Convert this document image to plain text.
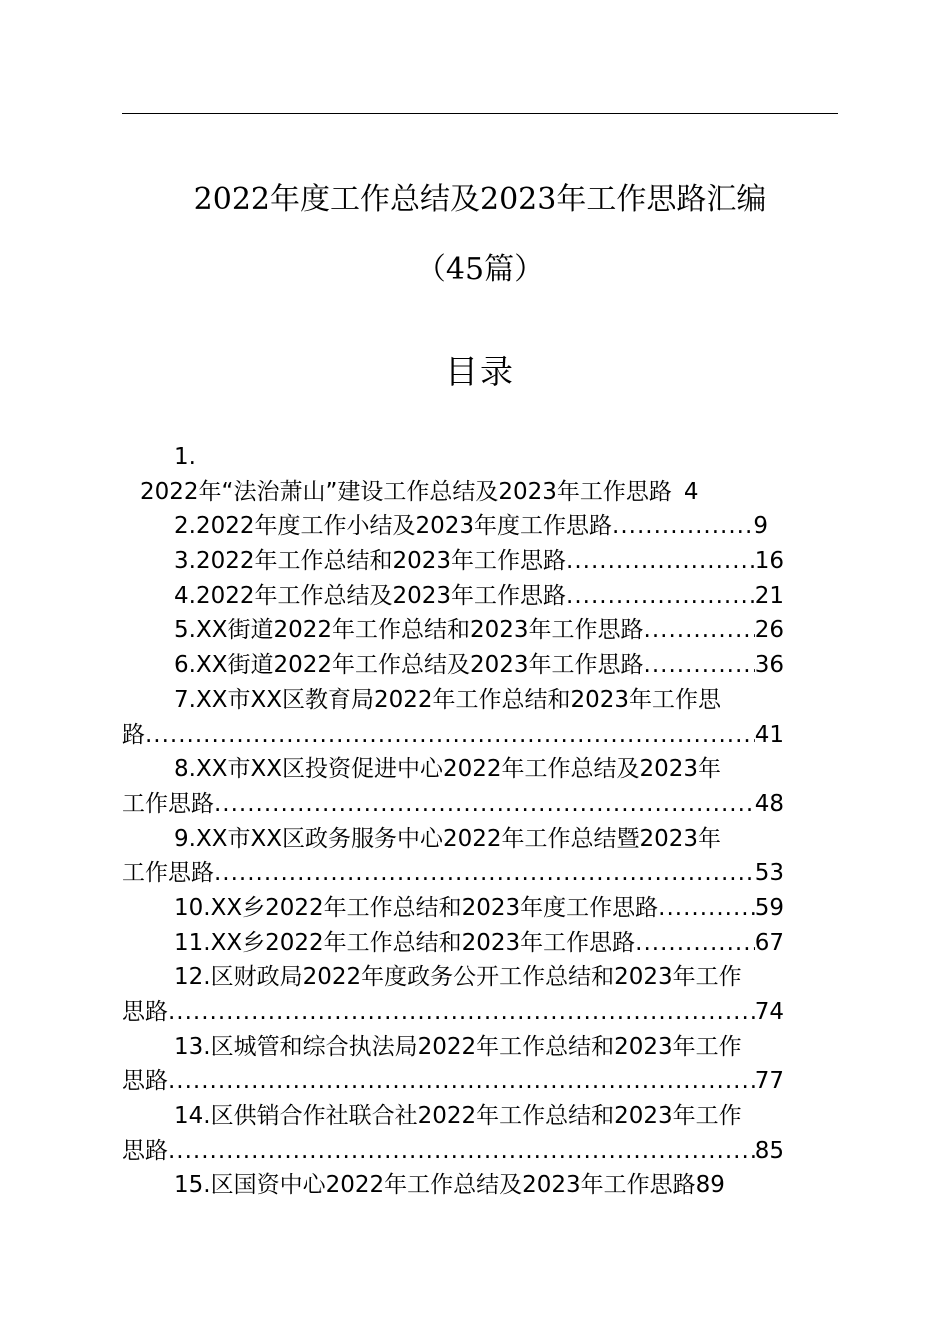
2022年度工作总结及2023年工作思路汇编
（45篇）
目录
1.
2022年“法治萧山”建设工作总结及2023年工作思路 4
2.2022年度工作小结及2023年度工作思路 .....	9
3.2022年工作总结和2023年工作思路 .....	16
4.2022年工作总结及2023年工作思路 .....	21
5.XX街道2022年工作总结和2023年工作思路 .....	26
6.XX街道2022年工作总结及2023年工作思路 .....	36
7.XX市XX区教育局2022年工作总结和2023年工作思
路 .....	41
8.XX市XX区投资促进中心2022年工作总结及2023年
工作思路 .....	48
9.XX市XX区政务服务中心2022年工作总结暨2023年
工作思路 .....	53
10.XX乡2022年工作总结和2023年度工作思路 .....	59
11.XX乡2022年工作总结和2023年工作思路 .....	67
12.区财政局2022年度政务公开工作总结和2023年工作
思路 .....	74
13.区城管和综合执法局2022年工作总结和2023年工作
思路 .....	77
14.区供销合作社联合社2022年工作总结和2023年工作
思路 .....	85
15.区国资中心2022年工作总结及2023年工作思路 89
